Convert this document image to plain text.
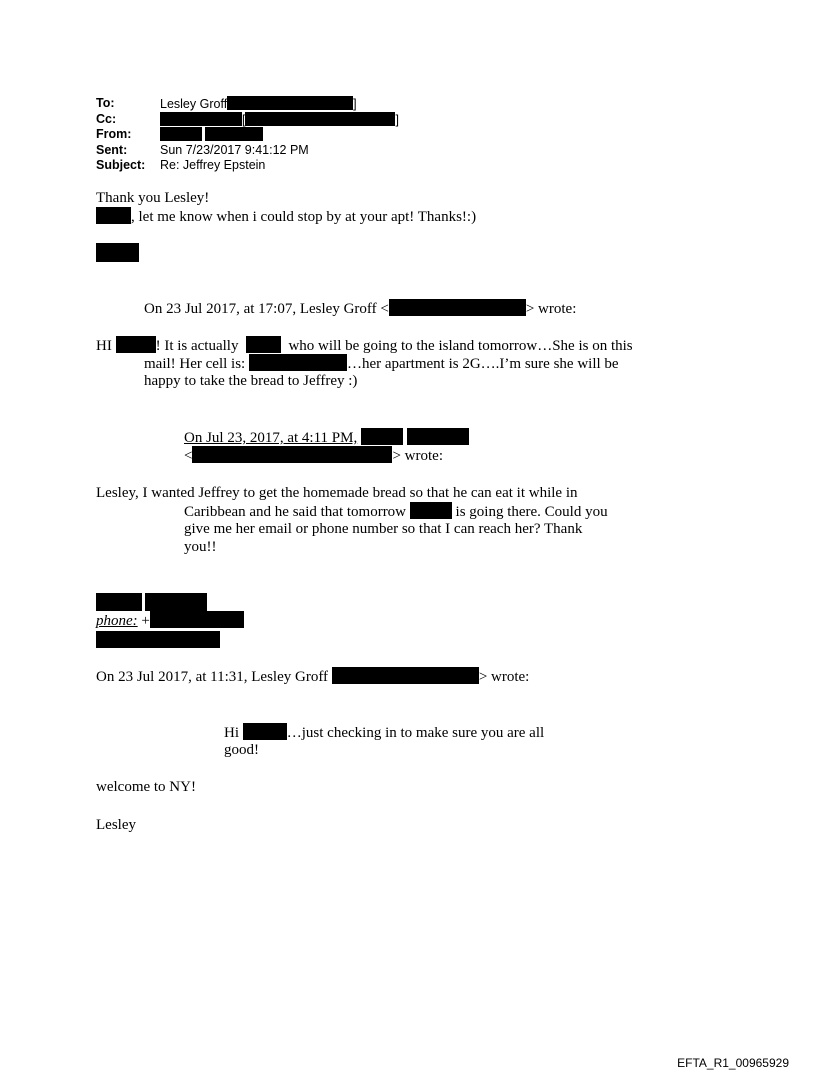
To:	Lesley Groff	]
Cc:	[	]
From:

Sent:	Sun 7/23/2017 9:41:12 PM
Subject: Re: Jeffrey Epstein
Thank you Lesley!
, let me know when i could stop by at your apt! Thanks!:)
On 23 Jul 2017, at 17:07, Lesley Groff <	> wrote:
HI	! It is actually	who will be going to the island tomorrow…She is on this
mail! Her cell is:	…her apartment is 2G….I’m sure she will be
happy to take the bread to Jeffrey :)
On Jul 23, 2017, at 4:11 PM,
<	> wrote:
Lesley, I wanted Jeffrey to get the homemade bread so that he can eat it while in
Caribbean and he said that tomorrow	is going there. Could you
give me her email or phone number so that I can reach her? Thank
you!!
phone: +
On 23 Jul 2017, at 11:31, Lesley Groff	> wrote:
Hi	…just checking in to make sure you are all
good!
welcome to NY!
Lesley
EFTA_R1_00965929
